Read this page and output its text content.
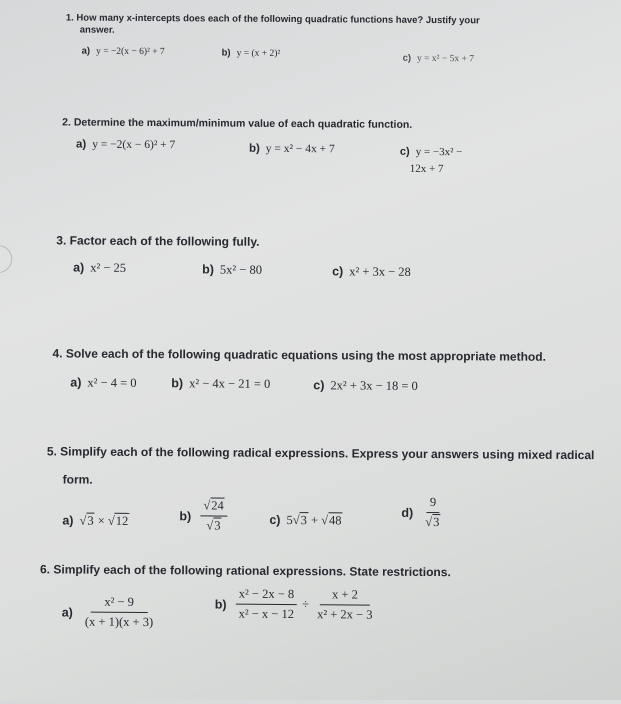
1. How many x-intercepts does each of the following quadratic functions have? Justify your
answer.
a) y = −2(x − 6)² + 7	b) y = (x + 2)²	c) y = x² − 5x + 7
2. Determine the maximum/minimum value of each quadratic function.
a) y = −2(x − 6)² + 7	b) y = x² − 4x + 7	c) y = −3x² −
12x + 7
3. Factor each of the following fully.
a) x² − 25	b) 5x² − 80	c) x² + 3x − 28
4. Solve each of the following quadratic equations using the most appropriate method.
a) x² − 4 = 0	b) x² − 4x − 21 = 0	c) 2x² + 3x − 18 = 0
5. Simplify each of the following radical expressions. Express your answers using mixed radical
form.
a) √3 × √12	$b) \frac{√24}{√3}$	c) 5√3 + √48
$d) \frac{9}{√3}$
6. Simplify each of the following rational expressions. State restrictions.
$a) \frac{\text{x² − 9}}{(x + 1)(x + 3)}$	$b) \frac{\text{x² − 2x − 8}}{\text{x² − x − 12}} \div \frac{x + 2}{\text{x² + 2x − 3}}$
